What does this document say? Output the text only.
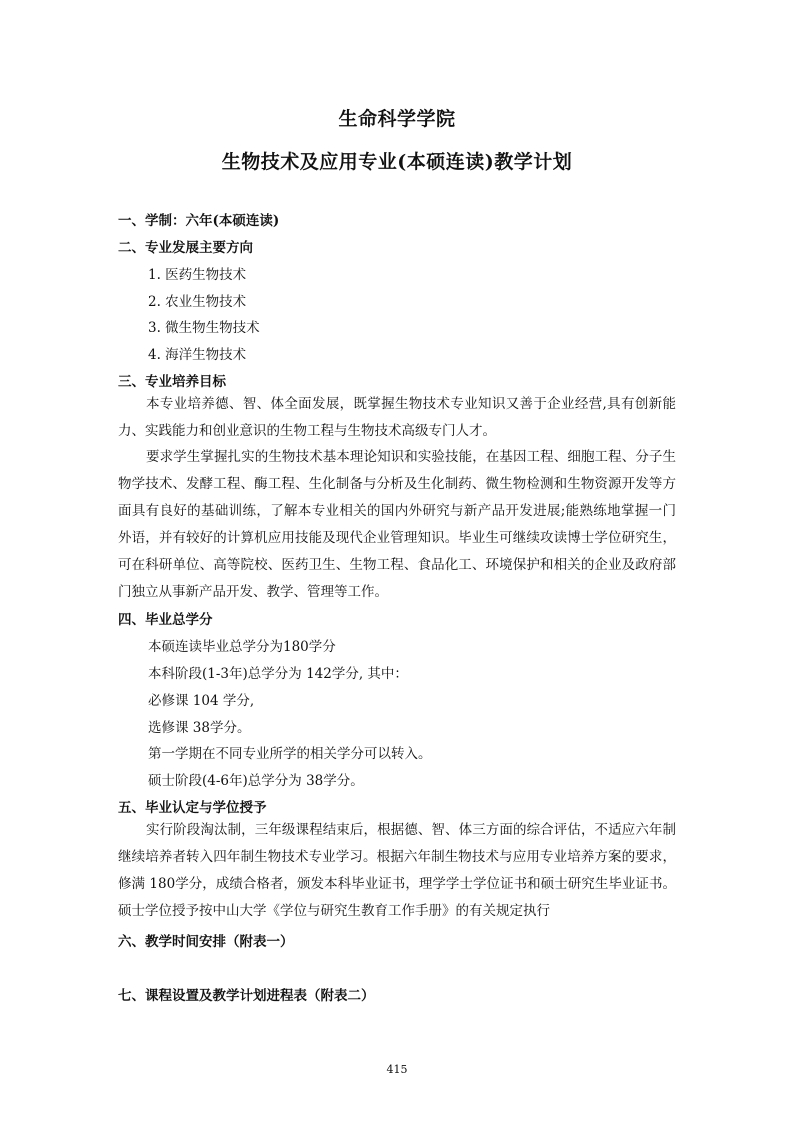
生命科学学院
生物技术及应用专业(本硕连读)教学计划

一、学制：六年(本硕连读)

二、专业发展主要方向

1. 医药生物技术

2. 农业生物技术

3. 微生物生物技术

4. 海洋生物技术

三、专业培养目标

本专业培养德、智、体全面发展，既掌握生物技术专业知识又善于企业经营,具有创新能力、实践能力和创业意识的生物工程与生物技术高级专门人才。

要求学生掌握扎实的生物技术基本理论知识和实验技能，在基因工程、细胞工程、分子生物学技术、发酵工程、酶工程、生化制备与分析及生化制药、微生物检测和生物资源开发等方面具有良好的基础训练，了解本专业相关的国内外研究与新产品开发进展;能熟练地掌握一门外语，并有较好的计算机应用技能及现代企业管理知识。毕业生可继续攻读博士学位研究生，可在科研单位、高等院校、医药卫生、生物工程、食品化工、环境保护和相关的企业及政府部门独立从事新产品开发、教学、管理等工作。

四、毕业总学分

本硕连读毕业总学分为180学分

本科阶段(1-3年)总学分为 142学分, 其中：

必修课 104 学分,

选修课 38学分。

第一学期在不同专业所学的相关学分可以转入。

硕士阶段(4-6年)总学分为 38学分。

五、毕业认定与学位授予

实行阶段淘汰制，三年级课程结束后，根据德、智、体三方面的综合评估，不适应六年制继续培养者转入四年制生物技术专业学习。根据六年制生物技术与应用专业培养方案的要求，修满 180学分，成绩合格者，颁发本科毕业证书，理学学士学位证书和硕士研究生毕业证书。硕士学位授予按中山大学《学位与研究生教育工作手册》的有关规定执行

六、教学时间安排（附表一）

七、课程设置及教学计划进程表（附表二）

415
